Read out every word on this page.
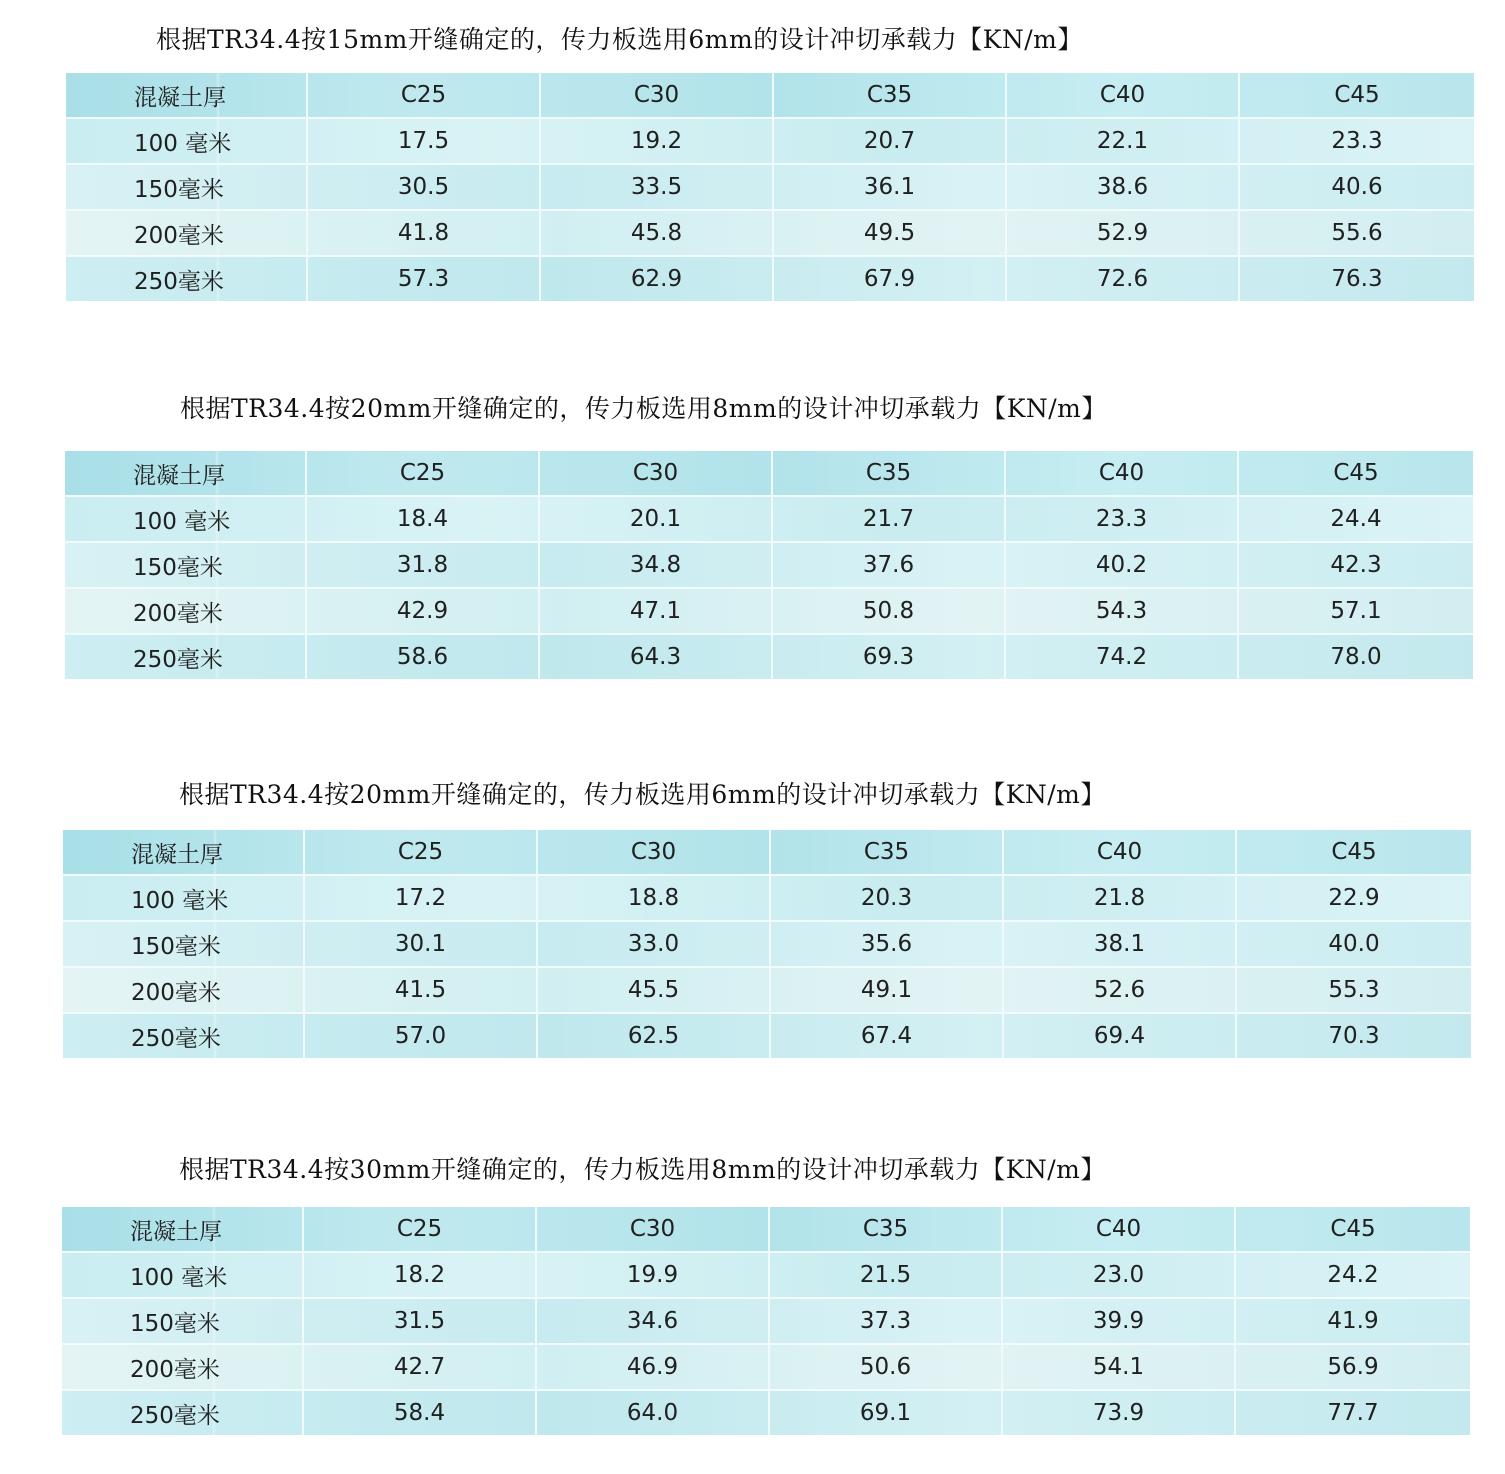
根据TR34.4按15mm开缝确定的，传力板选用6mm的设计冲切承载力【KN/m】
混凝土厚	C25	C30	C35	C40	C45
100 毫米	17.5	19.2	20.7	22.1	23.3
150毫米	30.5	33.5	36.1	38.6	40.6
200毫米	41.8	45.8	49.5	52.9	55.6
250毫米	57.3	62.9	67.9	72.6	76.3
根据TR34.4按20mm开缝确定的，传力板选用8mm的设计冲切承载力【KN/m】
混凝土厚	C25	C30	C35	C40	C45
100 毫米	18.4	20.1	21.7	23.3	24.4
150毫米	31.8	34.8	37.6	40.2	42.3
200毫米	42.9	47.1	50.8	54.3	57.1
250毫米	58.6	64.3	69.3	74.2	78.0
根据TR34.4按20mm开缝确定的，传力板选用6mm的设计冲切承载力【KN/m】
混凝土厚	C25	C30	C35	C40	C45
100 毫米	17.2	18.8	20.3	21.8	22.9
150毫米	30.1	33.0	35.6	38.1	40.0
200毫米	41.5	45.5	49.1	52.6	55.3
250毫米	57.0	62.5	67.4	69.4	70.3
根据TR34.4按30mm开缝确定的，传力板选用8mm的设计冲切承载力【KN/m】
混凝土厚	C25	C30	C35	C40	C45
100 毫米	18.2	19.9	21.5	23.0	24.2
150毫米	31.5	34.6	37.3	39.9	41.9
200毫米	42.7	46.9	50.6	54.1	56.9
250毫米	58.4	64.0	69.1	73.9	77.7
